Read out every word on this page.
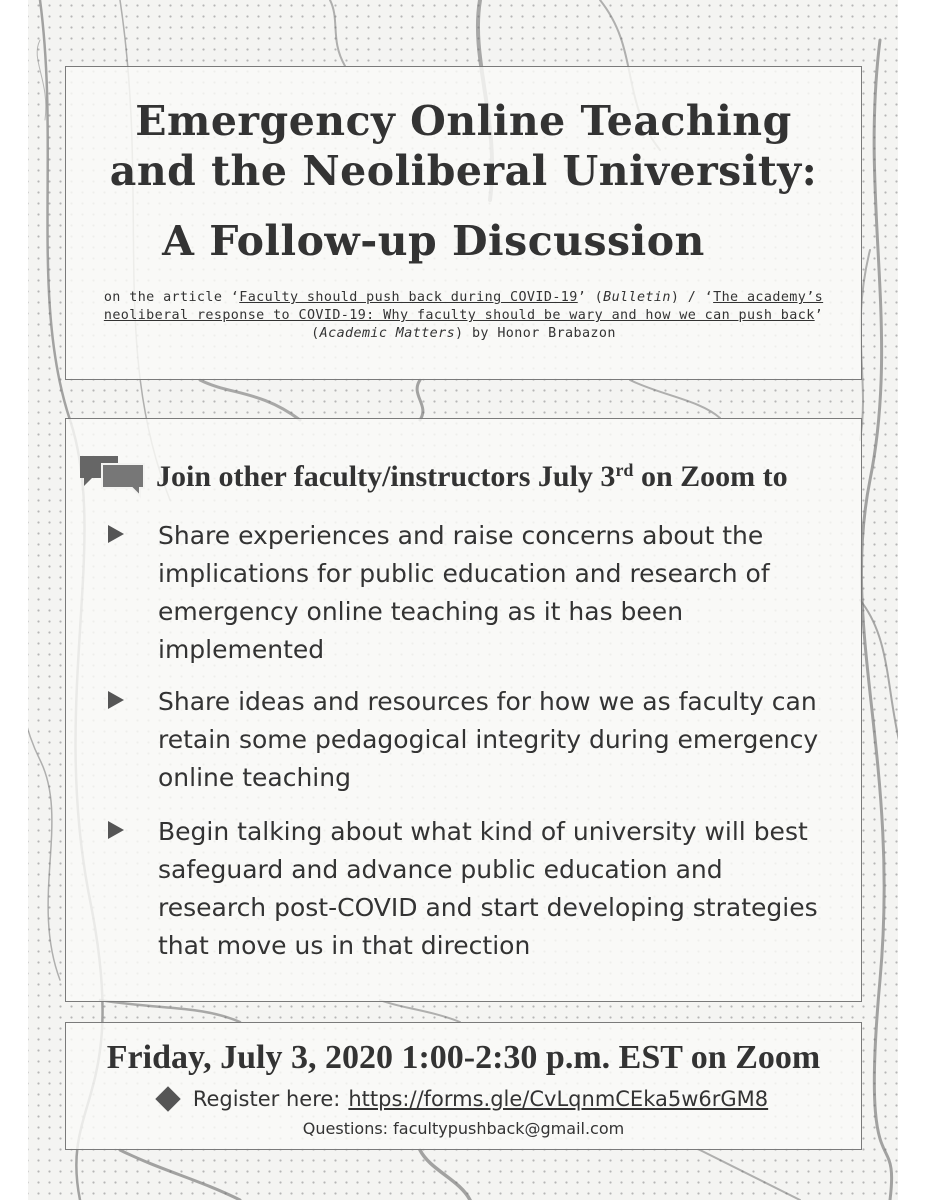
Emergency Online Teaching
and the Neoliberal University:
A Follow-up Discussion
on the article ‘Faculty should push back during COVID-19’ (Bulletin) / ‘The academy’s neoliberal response to COVID-19: Why faculty should be wary and how we can push back’ (Academic Matters) by Honor Brabazon
Join other faculty/instructors July 3rd on Zoom to
Share experiences and raise concerns about the implications for public education and research of emergency online teaching as it has been implemented
Share ideas and resources for how we as faculty can retain some pedagogical integrity during emergency online teaching
Begin talking about what kind of university will best safeguard and advance public education and research post-COVID and start developing strategies that move us in that direction
Friday, July 3, 2020 1:00-2:30 p.m. EST on Zoom
Register here: https://forms.gle/CvLqnmCEka5w6rGM8
Questions: facultypushback@gmail.com
